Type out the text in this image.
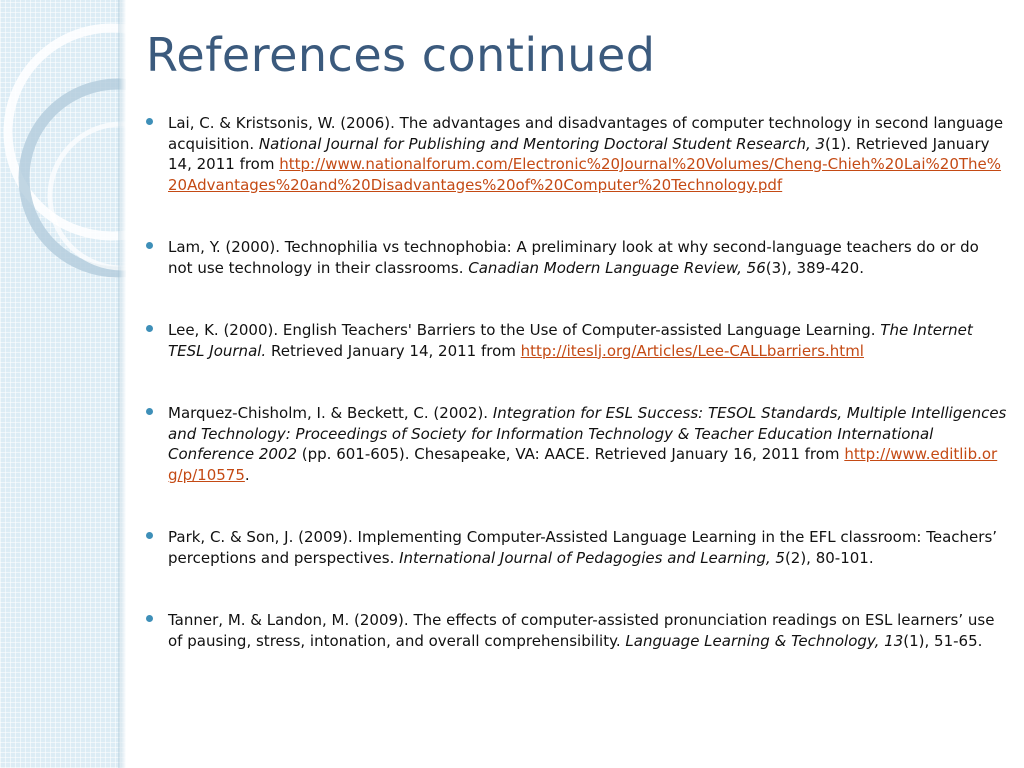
References continued
Lai, C. & Kristsonis, W. (2006). The advantages and disadvantages of computer technology in second language acquisition. National Journal for Publishing and Mentoring Doctoral Student Research, 3(1). Retrieved January 14, 2011 from http://www.nationalforum.com/Electronic%20Journal%20Volumes/Cheng-Chieh%20Lai%20The%20Advantages%20and%20Disadvantages%20of%20Computer%20Technology.pdf
Lam, Y. (2000). Technophilia vs technophobia: A preliminary look at why second-language teachers do or do not use technology in their classrooms. Canadian Modern Language Review, 56(3), 389-420.
Lee, K. (2000). English Teachers' Barriers to the Use of Computer-assisted Language Learning. The Internet TESL Journal. Retrieved January 14, 2011 from http://iteslj.org/Articles/Lee-CALLbarriers.html
Marquez-Chisholm, I. & Beckett, C. (2002). Integration for ESL Success: TESOL Standards, Multiple Intelligences and Technology: Proceedings of Society for Information Technology & Teacher Education International Conference 2002 (pp. 601-605). Chesapeake, VA: AACE. Retrieved January 16, 2011 from http://www.editlib.org/p/10575.
Park, C. & Son, J. (2009). Implementing Computer-Assisted Language Learning in the EFL classroom: Teachers’ perceptions and perspectives. International Journal of Pedagogies and Learning, 5(2), 80-101.
Tanner, M. & Landon, M. (2009). The effects of computer-assisted pronunciation readings on ESL learners’ use of pausing, stress, intonation, and overall comprehensibility. Language Learning & Technology, 13(1), 51-65.
